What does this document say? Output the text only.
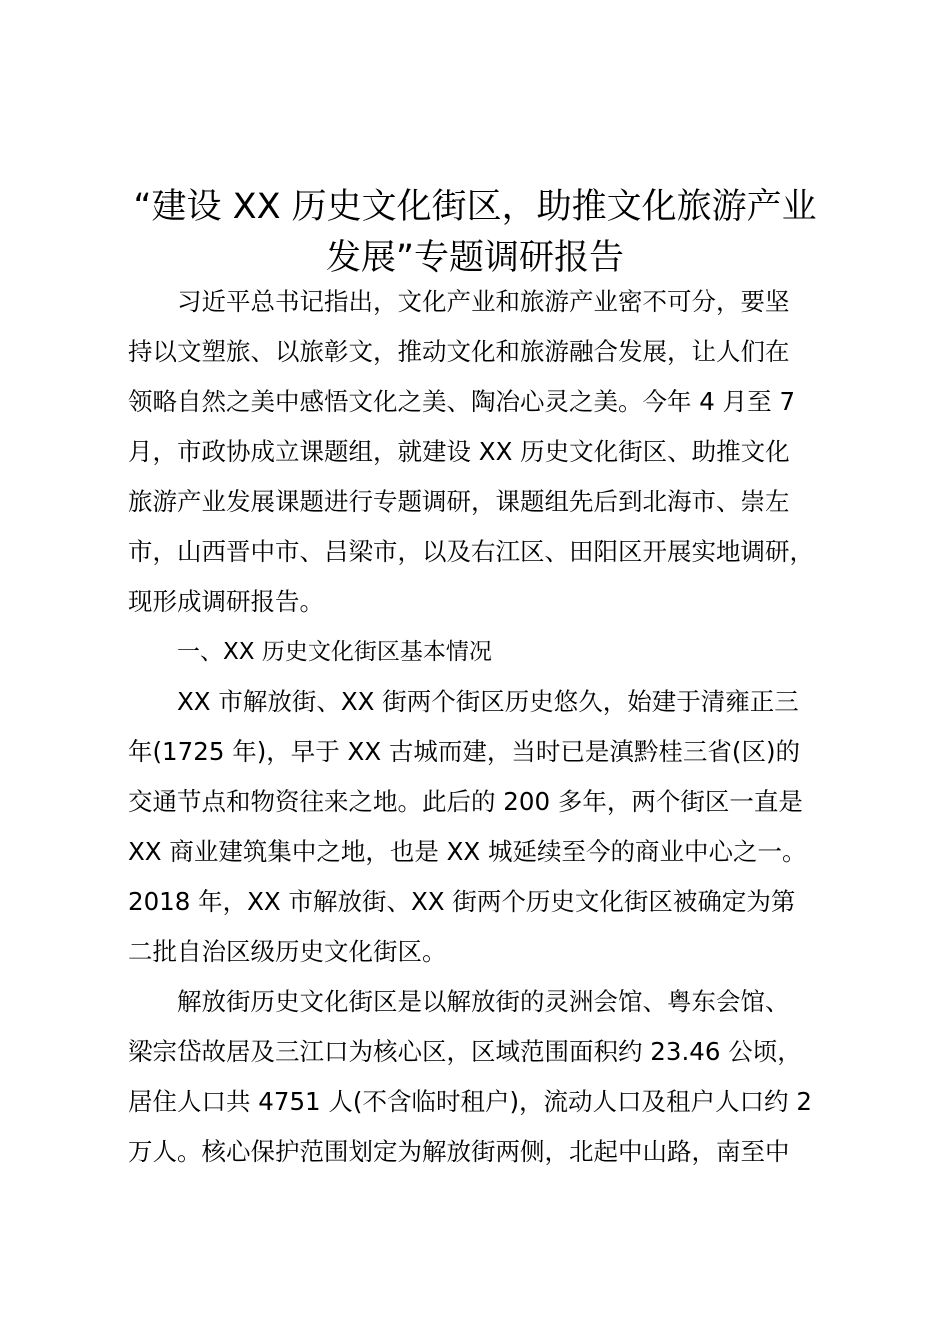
“建设 XX 历史文化街区，助推文化旅游产业
发展”专题调研报告
习近平总书记指出，文化产业和旅游产业密不可分，要坚
持以文塑旅、以旅彰文，推动文化和旅游融合发展，让人们在
领略自然之美中感悟文化之美、陶冶心灵之美。今年 4 月至 7
月，市政协成立课题组，就建设 XX 历史文化街区、助推文化
旅游产业发展课题进行专题调研，课题组先后到北海市、崇左
市，山西晋中市、吕梁市，以及右江区、田阳区开展实地调研，
现形成调研报告。
一、XX 历史文化街区基本情况
XX 市解放街、XX 街两个街区历史悠久，始建于清雍正三
年(1725 年)，早于 XX 古城而建，当时已是滇黔桂三省(区)的
交通节点和物资往来之地。此后的 200 多年，两个街区一直是
XX 商业建筑集中之地，也是 XX 城延续至今的商业中心之一。
2018 年，XX 市解放街、XX 街两个历史文化街区被确定为第
二批自治区级历史文化街区。
解放街历史文化街区是以解放街的灵洲会馆、粤东会馆、
梁宗岱故居及三江口为核心区，区域范围面积约 23.46 公顷，
居住人口共 4751 人(不含临时租户)，流动人口及租户人口约 2
万人。核心保护范围划定为解放街两侧，北起中山路，南至中
